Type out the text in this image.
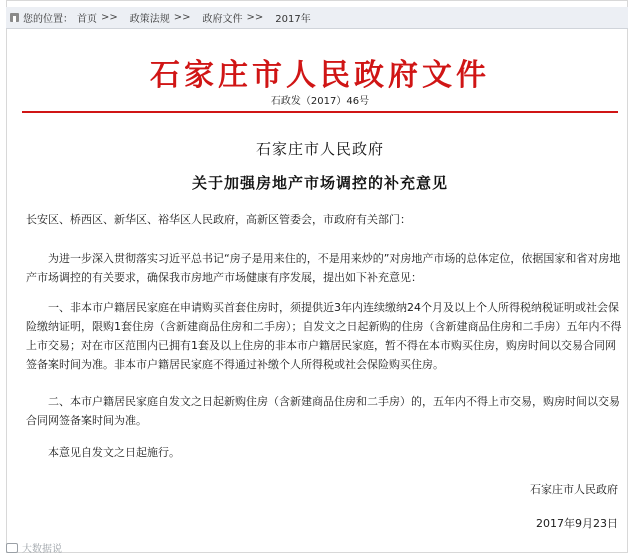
您的位置： 首页 >> 政策法规 >> 政府文件 >> 2017年
石家庄市人民政府文件
石政发（2017）46号
石家庄市人民政府
关于加强房地产市场调控的补充意见
长安区、桥西区、新华区、裕华区人民政府，高新区管委会，市政府有关部门：
为进一步深入贯彻落实习近平总书记“房子是用来住的，不是用来炒的”对房地产市场的总体定位，依据国家和省对房地产市场调控的有关要求，确保我市房地产市场健康有序发展，提出如下补充意见：
一、非本市户籍居民家庭在申请购买首套住房时，须提供近3年内连续缴纳24个月及以上个人所得税纳税证明或社会保险缴纳证明，限购1套住房（含新建商品住房和二手房）；自发文之日起新购的住房（含新建商品住房和二手房）五年内不得上市交易；对在市区范围内已拥有1套及以上住房的非本市户籍居民家庭，暂不得在本市购买住房，购房时间以交易合同网签备案时间为准。非本市户籍居民家庭不得通过补缴个人所得税或社会保险购买住房。
二、本市户籍居民家庭自发文之日起新购住房（含新建商品住房和二手房）的，五年内不得上市交易，购房时间以交易合同网签备案时间为准。
本意见自发文之日起施行。
石家庄市人民政府
2017年9月23日
大数据说
